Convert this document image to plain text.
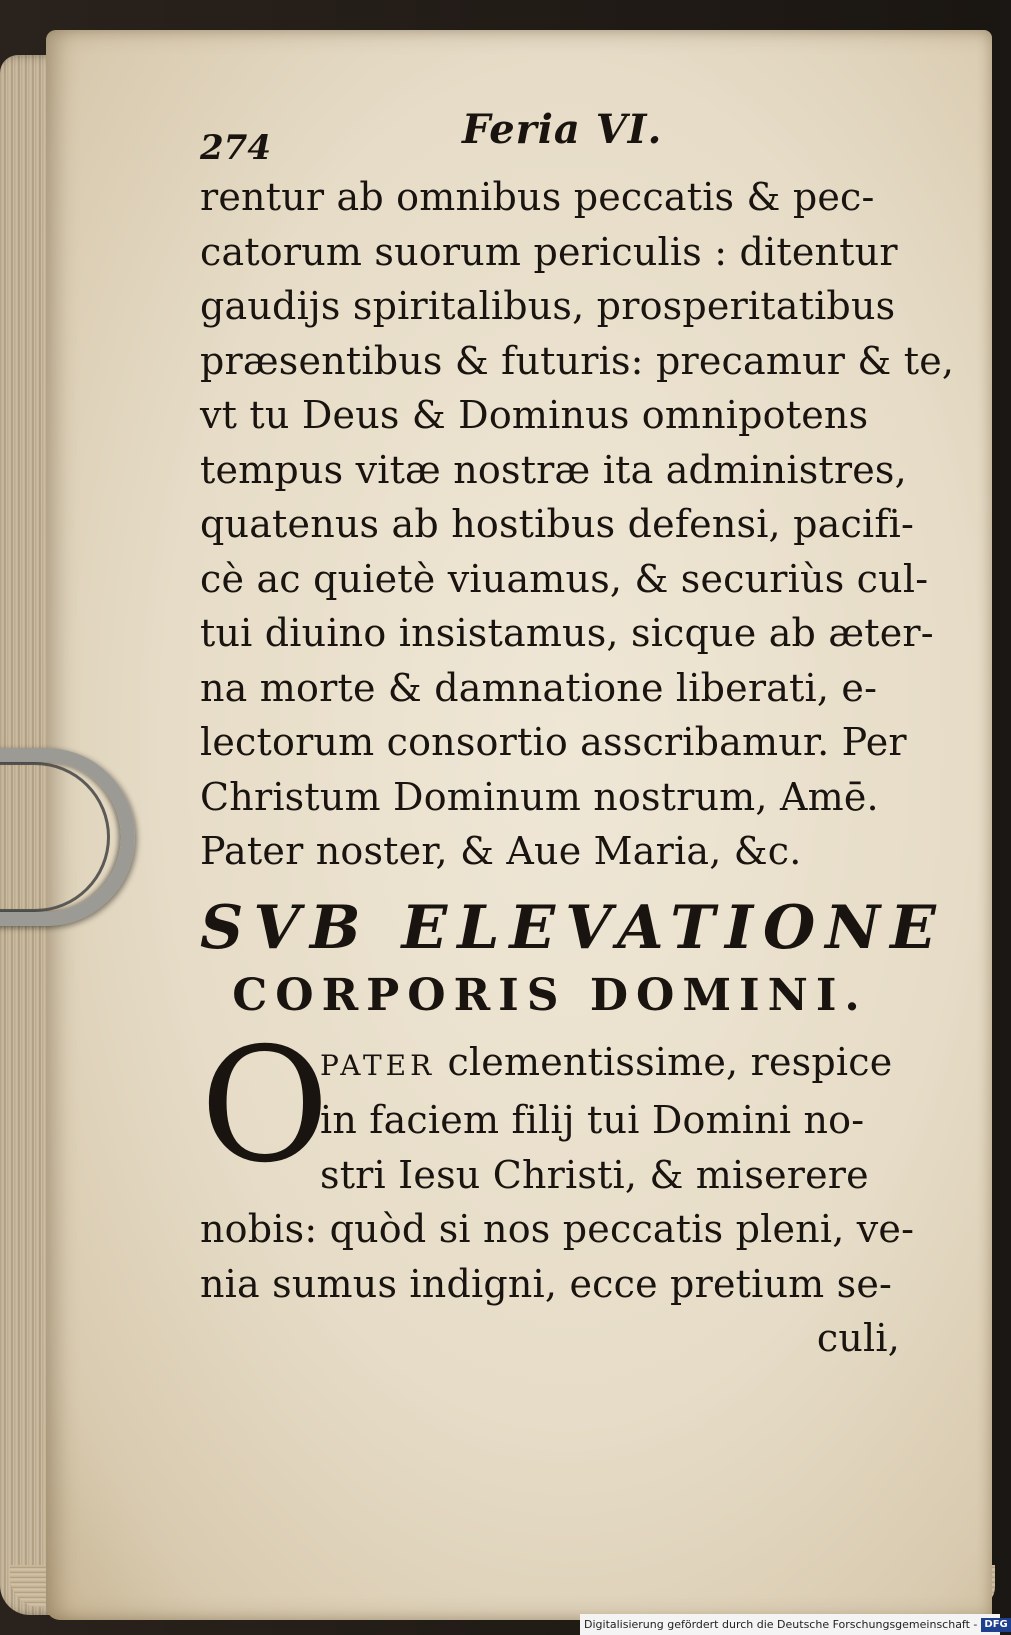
274	Feria VI.
rentur ab omnibus peccatis & pec-
catorum suorum periculis : ditentur
gaudijs spiritalibus, prosperitatibus
præsentibus & futuris: precamur & te,
vt tu Deus & Dominus omnipotens
tempus vitæ nostræ ita administres,
quatenus ab hostibus defensi, pacifi-
cè ac quietè viuamus, & securiùs cul-
tui diuino insistamus, sicque ab æter-
na morte & damnatione liberati, e-
lectorum consortio asscribamur. Per
Christum Dominum nostrum, Amē.
Pater noster, & Aue Maria, &c.
SVB ELEVATIONE
CORPORIS DOMINI.
O
PATER clementissime, respice
in faciem filij tui Domini no-
stri Iesu Christi, & miserere
nobis: quòd si nos peccatis pleni, ve-
nia sumus indigni, ecce pretium se-
culi,
Digitalisierung gefördert durch die Deutsche Forschungsgemeinschaft - DFG
